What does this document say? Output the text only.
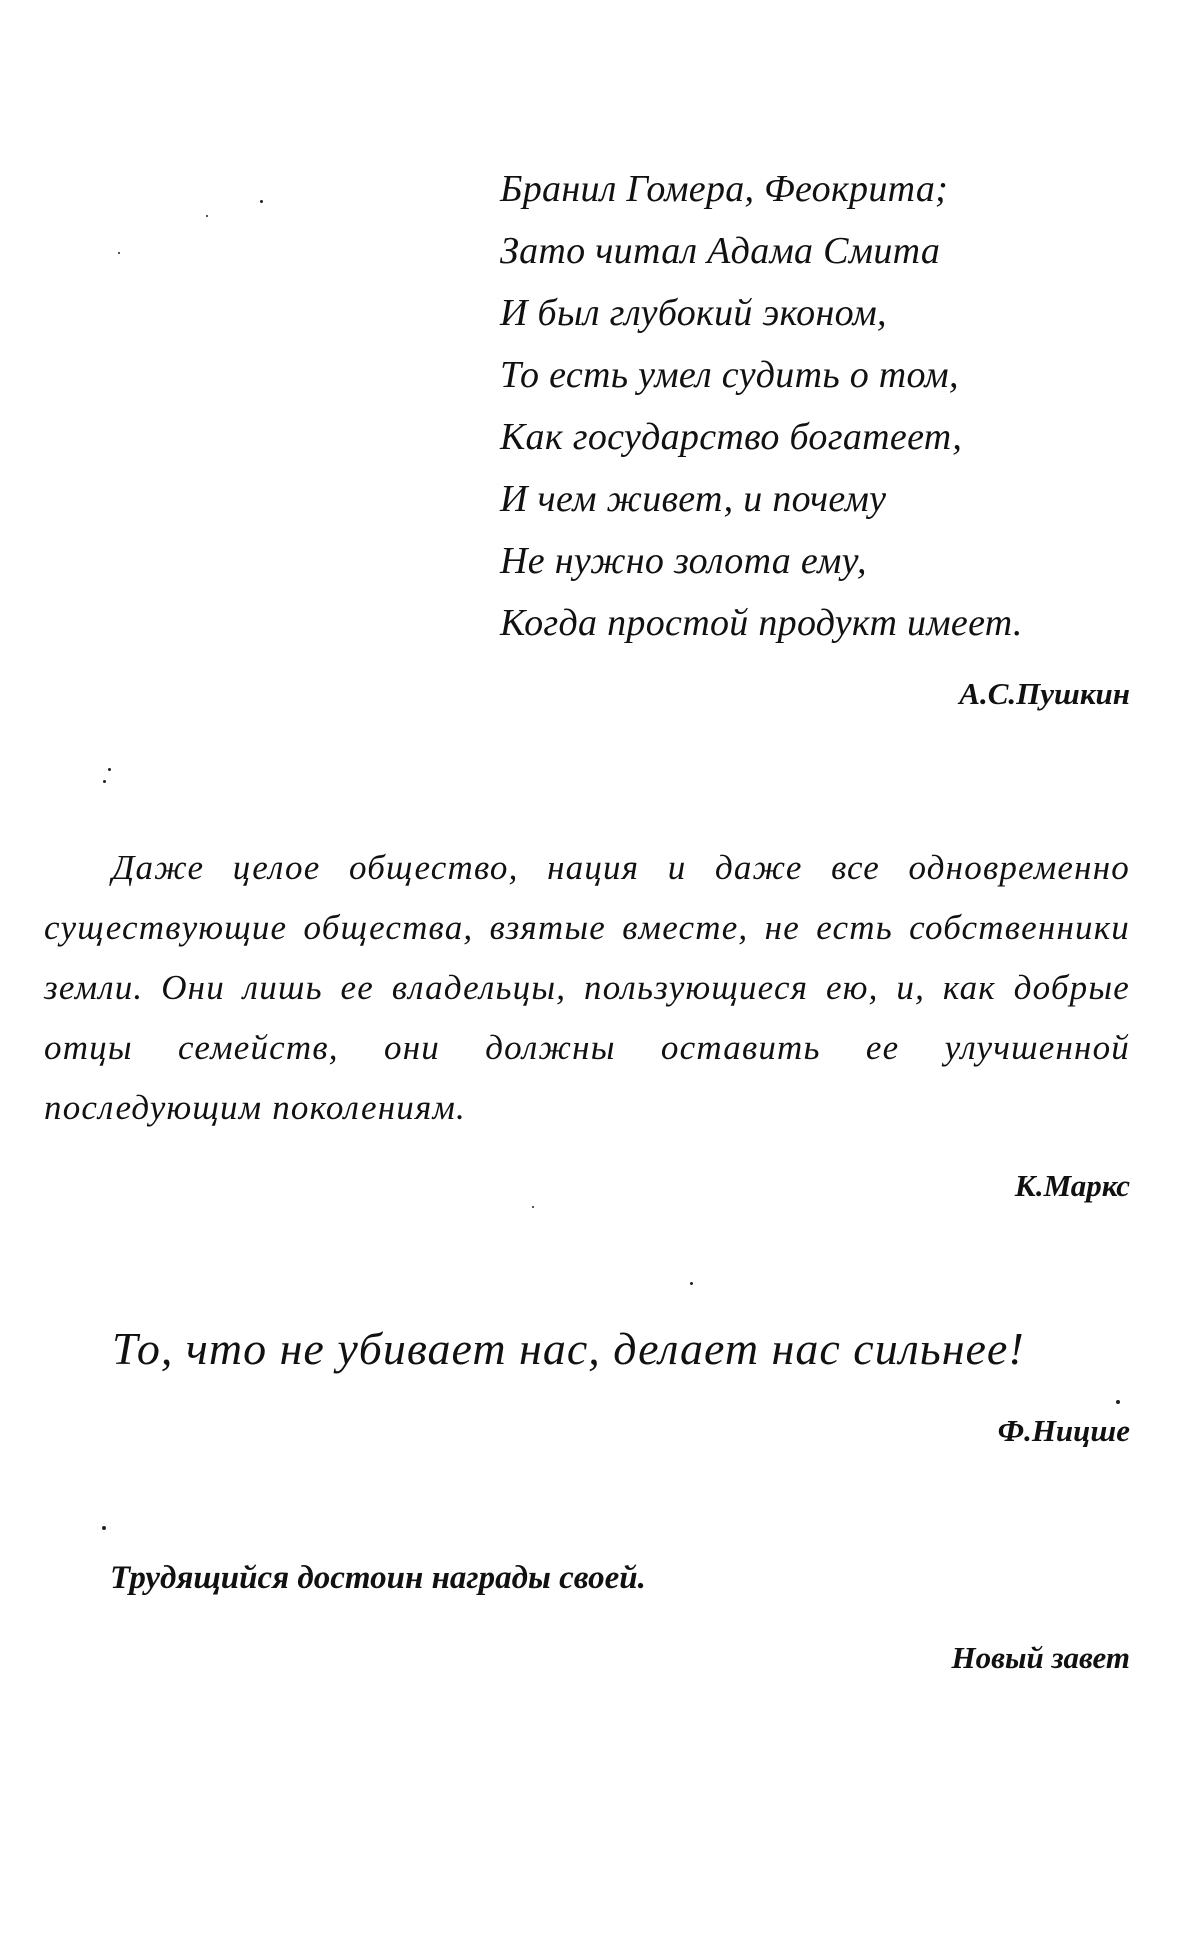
Бранил Гомера, Феокрита;
Зато читал Адама Смита
И был глубокий эконом,
То есть умел судить о том,
Как государство богатеет,
И чем живет, и почему
Не нужно золота ему,
Когда простой продукт имеет.
А.С.Пушкин
Даже целое общество, нация и даже все одновременно существующие общества, взятые вместе, не есть собственники земли. Они лишь ее владельцы, пользующиеся ею, и, как добрые отцы семейств, они должны оставить ее улучшенной последующим поколениям.
К.Маркс
То, что не убивает нас, делает нас сильнее!
Ф.Ницше
Трудящийся достоин награды своей.
Новый завет
